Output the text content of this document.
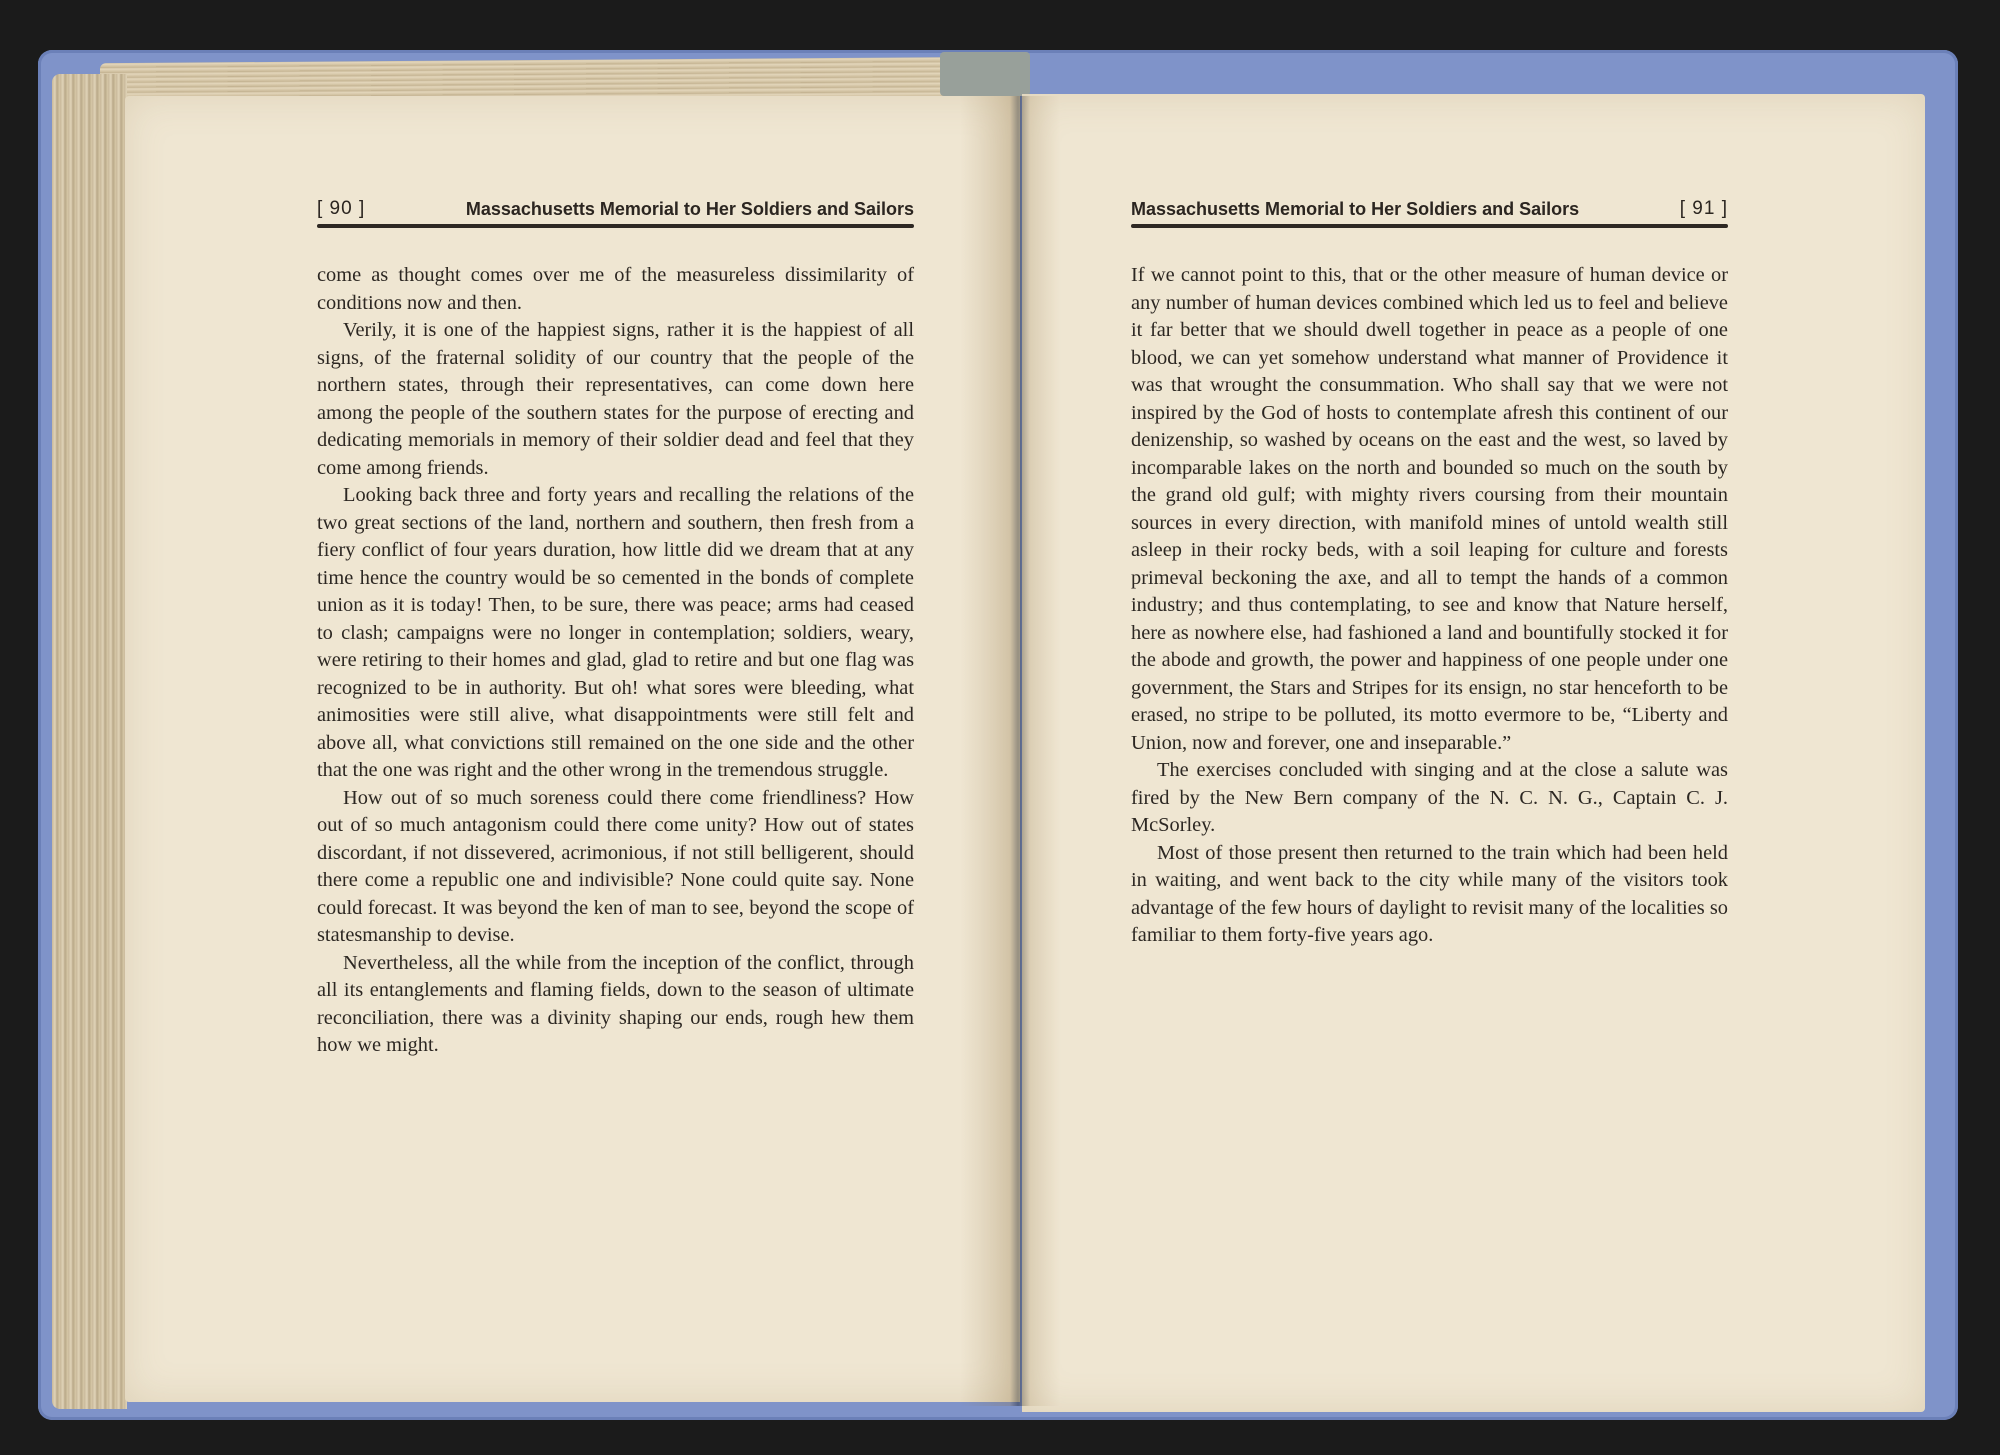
[ 90 ]	Massachusetts Memorial to Her Soldiers and Sailors	Massachusetts Memorial to Her Soldiers and Sailors	[ 91 ]

come as thought comes over me of the measureless dissimilarity of conditions now and then.

Verily, it is one of the happiest signs, rather it is the happiest of all signs, of the fraternal solidity of our country that the people of the northern states, through their representatives, can come down here among the people of the southern states for the purpose of erecting and dedicating memorials in memory of their soldier dead and feel that they come among friends.

Looking back three and forty years and recalling the relations of the two great sections of the land, northern and southern, then fresh from a fiery conflict of four years duration, how little did we dream that at any time hence the country would be so cemented in the bonds of complete union as it is today! Then, to be sure, there was peace; arms had ceased to clash; campaigns were no longer in contemplation; soldiers, weary, were retiring to their homes and glad, glad to retire and but one flag was recognized to be in authority. But oh! what sores were bleeding, what animosities were still alive, what disappointments were still felt and above all, what convictions still remained on the one side and the other that the one was right and the other wrong in the tremendous struggle.

How out of so much soreness could there come friendliness? How out of so much antagonism could there come unity? How out of states discordant, if not dissevered, acrimonious, if not still belligerent, should there come a republic one and indivisible? None could quite say. None could forecast. It was beyond the ken of man to see, beyond the scope of statesmanship to devise.

Nevertheless, all the while from the inception of the conflict, through all its entanglements and flaming fields, down to the season of ultimate reconciliation, there was a divinity shaping our ends, rough hew them how we might.

If we cannot point to this, that or the other measure of human device or any number of human devices combined which led us to feel and believe it far better that we should dwell together in peace as a people of one blood, we can yet somehow understand what manner of Providence it was that wrought the consummation. Who shall say that we were not inspired by the God of hosts to contemplate afresh this continent of our denizenship, so washed by oceans on the east and the west, so laved by incomparable lakes on the north and bounded so much on the south by the grand old gulf; with mighty rivers coursing from their mountain sources in every direction, with manifold mines of untold wealth still asleep in their rocky beds, with a soil leaping for culture and forests primeval beckoning the axe, and all to tempt the hands of a common industry; and thus contemplating, to see and know that Nature herself, here as nowhere else, had fashioned a land and bountifully stocked it for the abode and growth, the power and happiness of one people under one government, the Stars and Stripes for its ensign, no star henceforth to be erased, no stripe to be polluted, its motto evermore to be, “Liberty and Union, now and forever, one and inseparable.”

The exercises concluded with singing and at the close a salute was fired by the New Bern company of the N. C. N. G., Captain C. J. McSorley.

Most of those present then returned to the train which had been held in waiting, and went back to the city while many of the visitors took advantage of the few hours of daylight to revisit many of the localities so familiar to them forty-five years ago.
